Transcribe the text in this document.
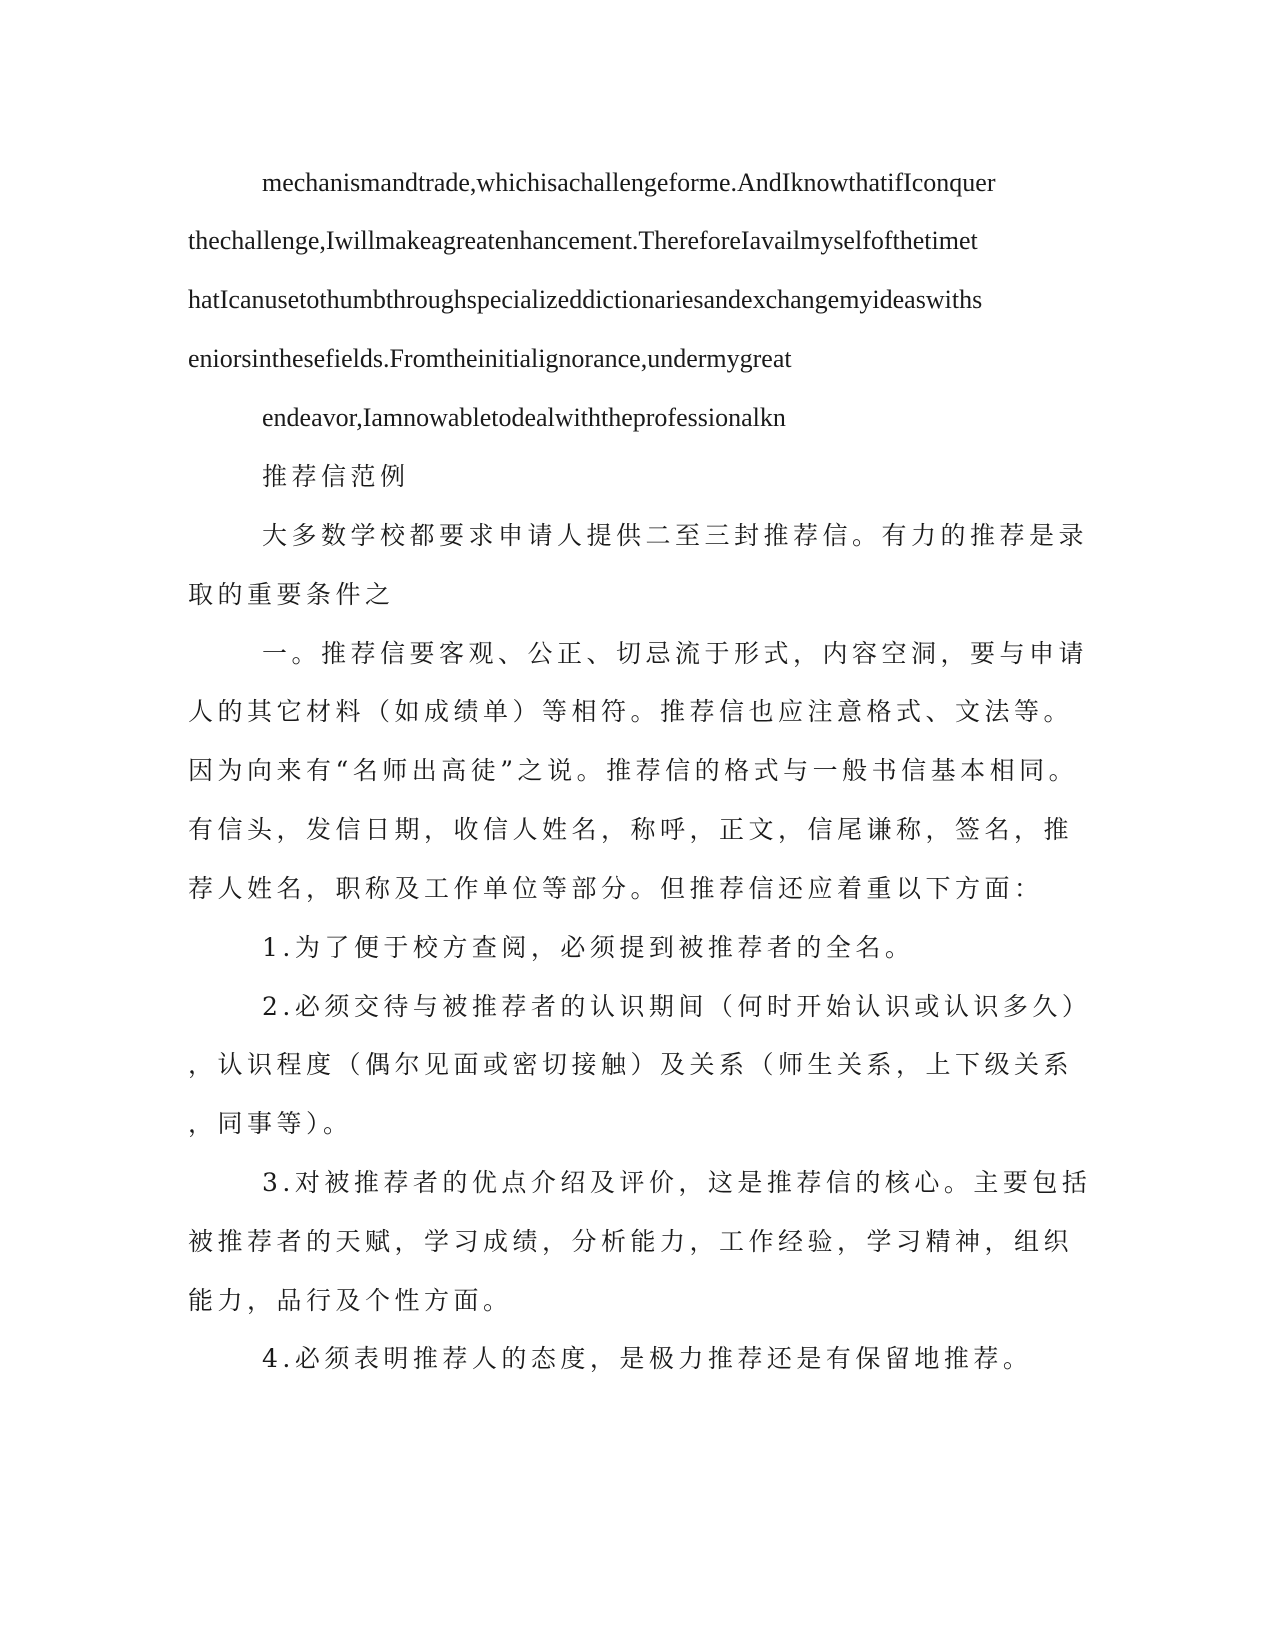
mechanismandtrade,whichisachallengeforme.AndIknowthatifIconquer
thechallenge,Iwillmakeagreatenhancement.ThereforeIavailmyselfofthetimet
hatIcanusetothumbthroughspecializeddictionariesandexchangemyideaswiths
eniorsinthesefields.Fromtheinitialignorance,undermygreat
endeavor,Iamnowabletodealwiththeprofessionalkn
推荐信范例
大多数学校都要求申请人提供二至三封推荐信。有力的推荐是录
取的重要条件之
一。推荐信要客观、公正、切忌流于形式，内容空洞，要与申请
人的其它材料（如成绩单）等相符。推荐信也应注意格式、文法等。
因为向来有“名师出高徒”之说。推荐信的格式与一般书信基本相同。
有信头，发信日期，收信人姓名，称呼，正文，信尾谦称，签名，推
荐人姓名，职称及工作单位等部分。但推荐信还应着重以下方面：
1.为了便于校方查阅，必须提到被推荐者的全名。
2.必须交待与被推荐者的认识期间（何时开始认识或认识多久）
，认识程度（偶尔见面或密切接触）及关系（师生关系，上下级关系
，同事等）。
3.对被推荐者的优点介绍及评价，这是推荐信的核心。主要包括
被推荐者的天赋，学习成绩，分析能力，工作经验，学习精神，组织
能力，品行及个性方面。
4.必须表明推荐人的态度，是极力推荐还是有保留地推荐。
